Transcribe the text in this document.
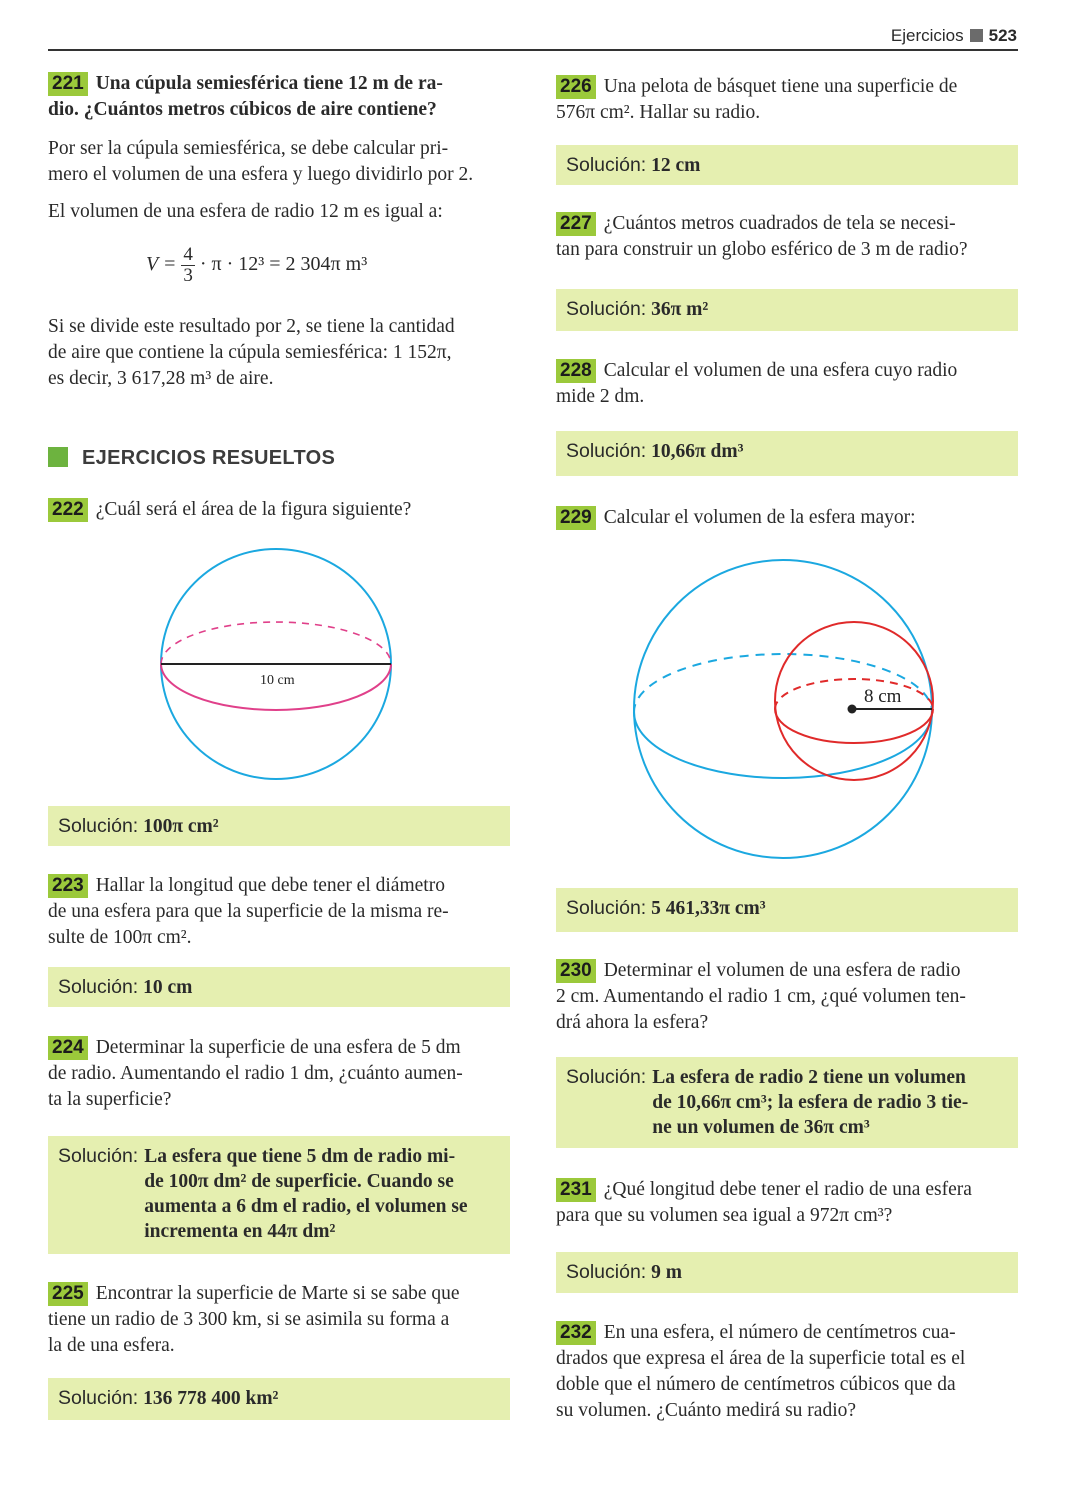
Ejercicios 523
221 Una cúpula semiesférica tiene 12 m de ra-
dio. ¿Cuántos metros cúbicos de aire contiene?
Por ser la cúpula semiesférica, se debe calcular pri-
mero el volumen de una esfera y luego dividirlo por 2.
El volumen de una esfera de radio 12 m es igual a:
$V = \frac{4}{3} \cdot \pi \cdot 12^3 = 2$ 304π m³
Si se divide este resultado por 2, se tiene la cantidad
de aire que contiene la cúpula semiesférica: 1 152π,
es decir, 3 617,28 m³ de aire.
EJERCICIOS RESUELTOS
222 ¿Cuál será el área de la figura siguiente?
10 cm
Solución: 100π cm²
223 Hallar la longitud que debe tener el diámetro
de una esfera para que la superficie de la misma re-
sulte de 100π cm².
Solución: 10 cm
224 Determinar la superficie de una esfera de 5 dm
de radio. Aumentando el radio 1 dm, ¿cuánto aumen-
ta la superficie?
Solución: La esfera que tiene 5 dm de radio mi-
de 100π dm² de superficie. Cuando se
aumenta a 6 dm el radio, el volumen se
incrementa en 44π dm²
225 Encontrar la superficie de Marte si se sabe que
tiene un radio de 3 300 km, si se asimila su forma a
la de una esfera.
Solución: 136 778 400 km²
226 Una pelota de básquet tiene una superficie de
576π cm². Hallar su radio.
Solución: 12 cm
227 ¿Cuántos metros cuadrados de tela se necesi-
tan para construir un globo esférico de 3 m de radio?
Solución: 36π m²
228 Calcular el volumen de una esfera cuyo radio
mide 2 dm.
Solución: 10,66π dm³
229 Calcular el volumen de la esfera mayor:
8 cm
Solución: 5 461,33π cm³
230 Determinar el volumen de una esfera de radio
2 cm. Aumentando el radio 1 cm, ¿qué volumen ten-
drá ahora la esfera?
Solución: La esfera de radio 2 tiene un volumen
de 10,66π cm³; la esfera de radio 3 tie-
ne un volumen de 36π cm³
231 ¿Qué longitud debe tener el radio de una esfera
para que su volumen sea igual a 972π cm³?
Solución: 9 m
232 En una esfera, el número de centímetros cua-
drados que expresa el área de la superficie total es el
doble que el número de centímetros cúbicos que da
su volumen. ¿Cuánto medirá su radio?
